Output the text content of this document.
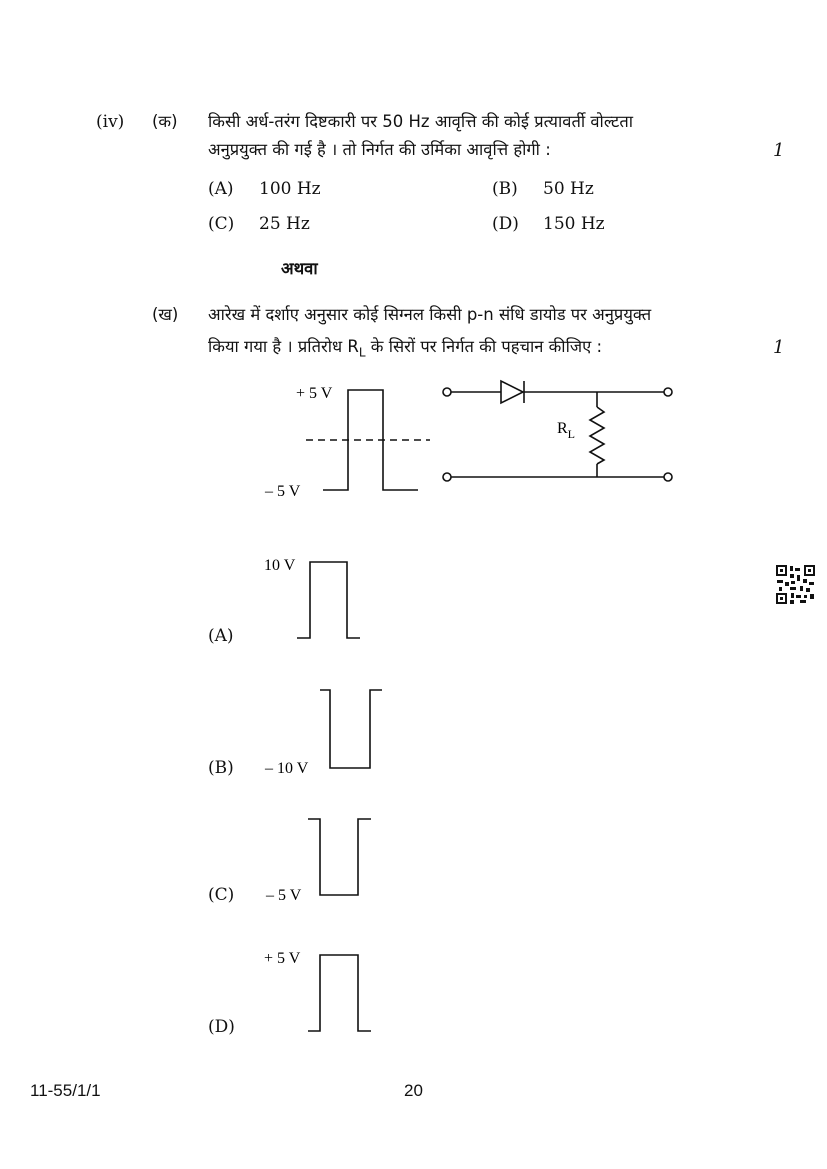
(iv) (क) किसी अर्ध-तरंग दिष्टकारी पर 50 Hz आवृत्ति की कोई प्रत्यावर्ती वोल्टता
अनुप्रयुक्त की गई है । तो निर्गत की उर्मिका आवृत्ति होगी :	1
(A) 100 Hz	(B) 50 Hz
(C) 25 Hz	(D) 150 Hz
अथवा
(ख) आरेख में दर्शाए अनुसार कोई सिग्नल किसी p-n संधि डायोड पर अनुप्रयुक्त
किया गया है । प्रतिरोध $R_L$ के सिरों पर निर्गत की पहचान कीजिए :	1
+ 5 V
– 5 V
$R_L$
10 V
– 10 V
– 5 V
+ 5 V
(A)
(B)
(C)
(D)
11-55/1/1	20
